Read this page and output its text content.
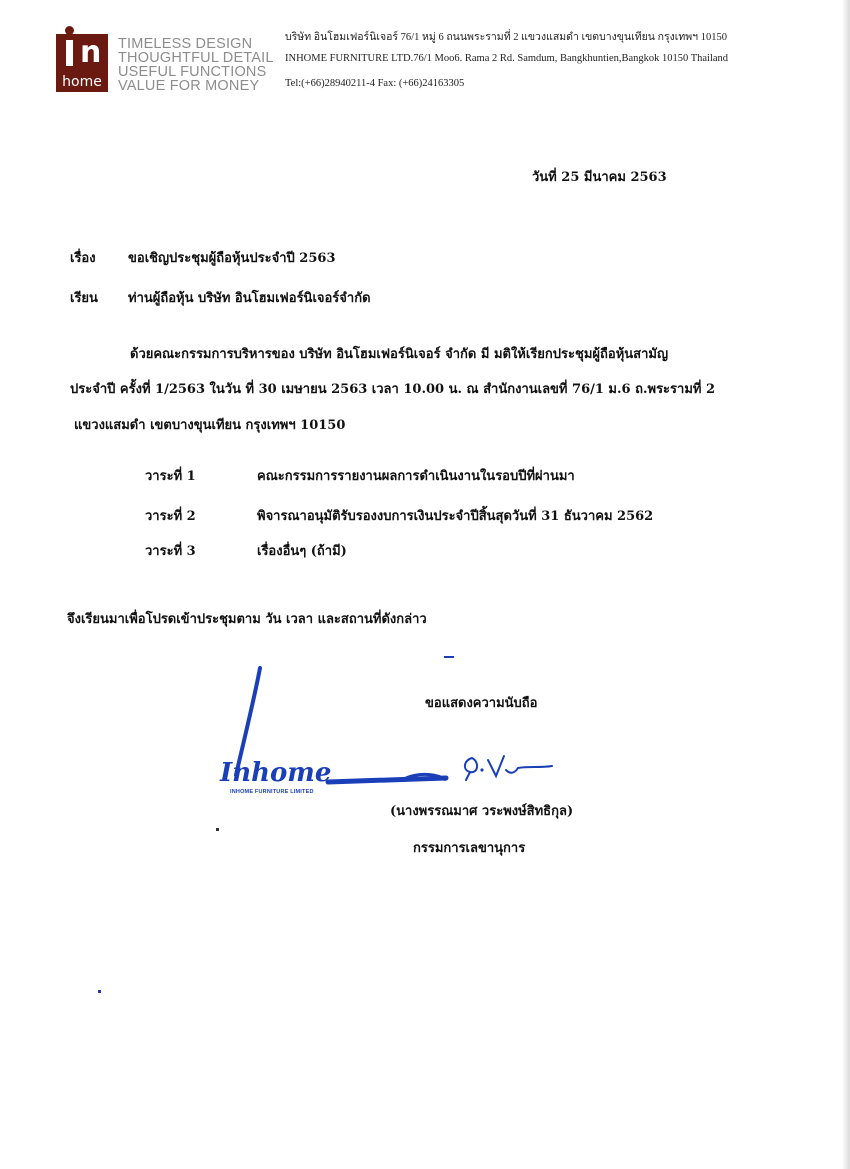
n
home
TIMELESS DESIGN
THOUGHTFUL DETAIL
USEFUL FUNCTIONS
VALUE FOR MONEY
บริษัท อินโฮมเฟอร์นิเจอร์ 76/1 หมู่ 6 ถนนพระรามที่ 2 แขวงแสมดำ เขตบางขุนเทียน กรุงเทพฯ 10150
INHOME FURNITURE LTD.76/1 Moo6. Rama 2 Rd. Samdum, Bangkhuntien,Bangkok 10150 Thailand
Tel:(+66)28940211-4 Fax: (+66)24163305
วันที่ 25 มีนาคม 2563
เรื่อง ขอเชิญประชุมผู้ถือหุ้นประจำปี 2563
เรียน ท่านผู้ถือหุ้น บริษัท อินโฮมเฟอร์นิเจอร์จำกัด
ด้วยคณะกรรมการบริหารของ บริษัท อินโฮมเฟอร์นิเจอร์ จำกัด มี มติให้เรียกประชุมผู้ถือหุ้นสามัญ
ประจำปี ครั้งที่ 1/2563 ในวัน ที่ 30 เมษายน 2563 เวลา 10.00 น. ณ สำนักงานเลขที่ 76/1 ม.6 ถ.พระรามที่ 2
แขวงแสมดำ เขตบางขุนเทียน กรุงเทพฯ 10150
วาระที่ 1	คณะกรรมการรายงานผลการดำเนินงานในรอบปีที่ผ่านมา
วาระที่ 2	พิจารณาอนุมัติรับรองงบการเงินประจำปีสิ้นสุดวันที่ 31 ธันวาคม 2562
วาระที่ 3	เรื่องอื่นๆ (ถ้ามี)
จึงเรียนมาเพื่อโปรดเข้าประชุมตาม วัน เวลา และสถานที่ดังกล่าว
ขอแสดงความนับถือ
Inhome
INHOME FURNITURE LIMITED
(นางพรรณมาศ วระพงษ์สิทธิกุล)
กรรมการเลขานุการ
